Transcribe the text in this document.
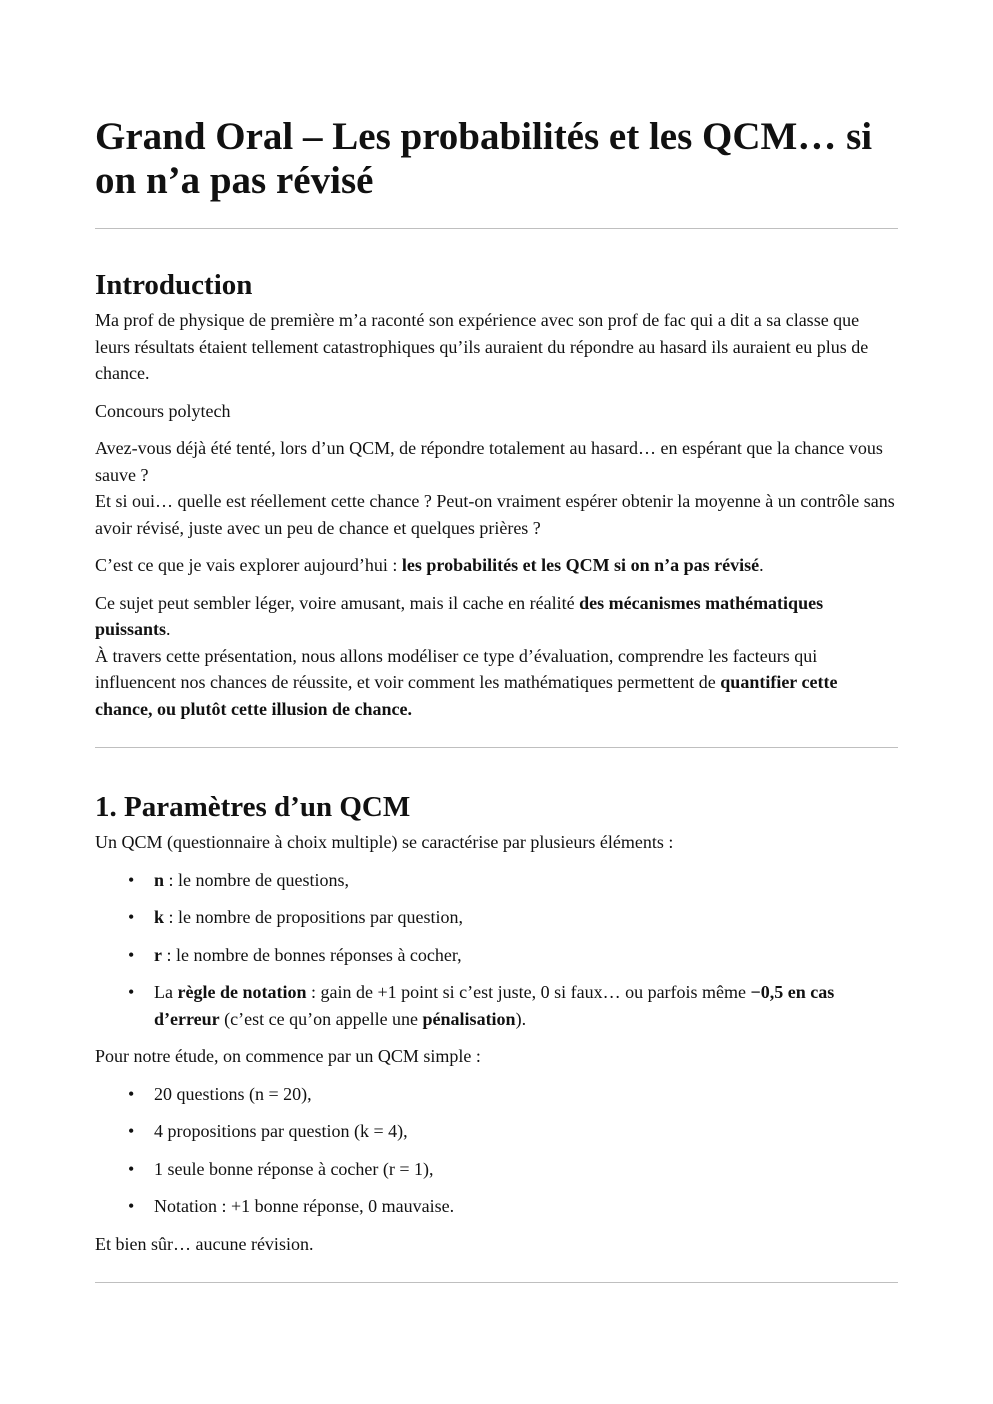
Grand Oral – Les probabilités et les QCM… si on n’a pas révisé
Introduction

Ma prof de physique de première m’a raconté son expérience avec son prof de fac qui a dit a sa classe que leurs résultats étaient tellement catastrophiques qu’ils auraient du répondre au hasard ils auraient eu plus de chance.

Concours polytech

Avez-vous déjà été tenté, lors d’un QCM, de répondre totalement au hasard… en espérant que la chance vous sauve ?
Et si oui… quelle est réellement cette chance ? Peut-on vraiment espérer obtenir la moyenne à un contrôle sans avoir révisé, juste avec un peu de chance et quelques prières ?

C’est ce que je vais explorer aujourd’hui : les probabilités et les QCM si on n’a pas révisé.

Ce sujet peut sembler léger, voire amusant, mais il cache en réalité des mécanismes mathématiques puissants.
À travers cette présentation, nous allons modéliser ce type d’évaluation, comprendre les facteurs qui influencent nos chances de réussite, et voir comment les mathématiques permettent de quantifier cette chance, ou plutôt cette illusion de chance.

1. Paramètres d’un QCM

Un QCM (questionnaire à choix multiple) se caractérise par plusieurs éléments :

• n : le nombre de questions,
• k : le nombre de propositions par question,
• r : le nombre de bonnes réponses à cocher,
• La règle de notation : gain de +1 point si c’est juste, 0 si faux… ou parfois même −0,5 en cas d’erreur (c’est ce qu’on appelle une pénalisation).

Pour notre étude, on commence par un QCM simple :

• 20 questions (n = 20),
• 4 propositions par question (k = 4),
• 1 seule bonne réponse à cocher (r = 1),
• Notation : +1 bonne réponse, 0 mauvaise.

Et bien sûr… aucune révision.
